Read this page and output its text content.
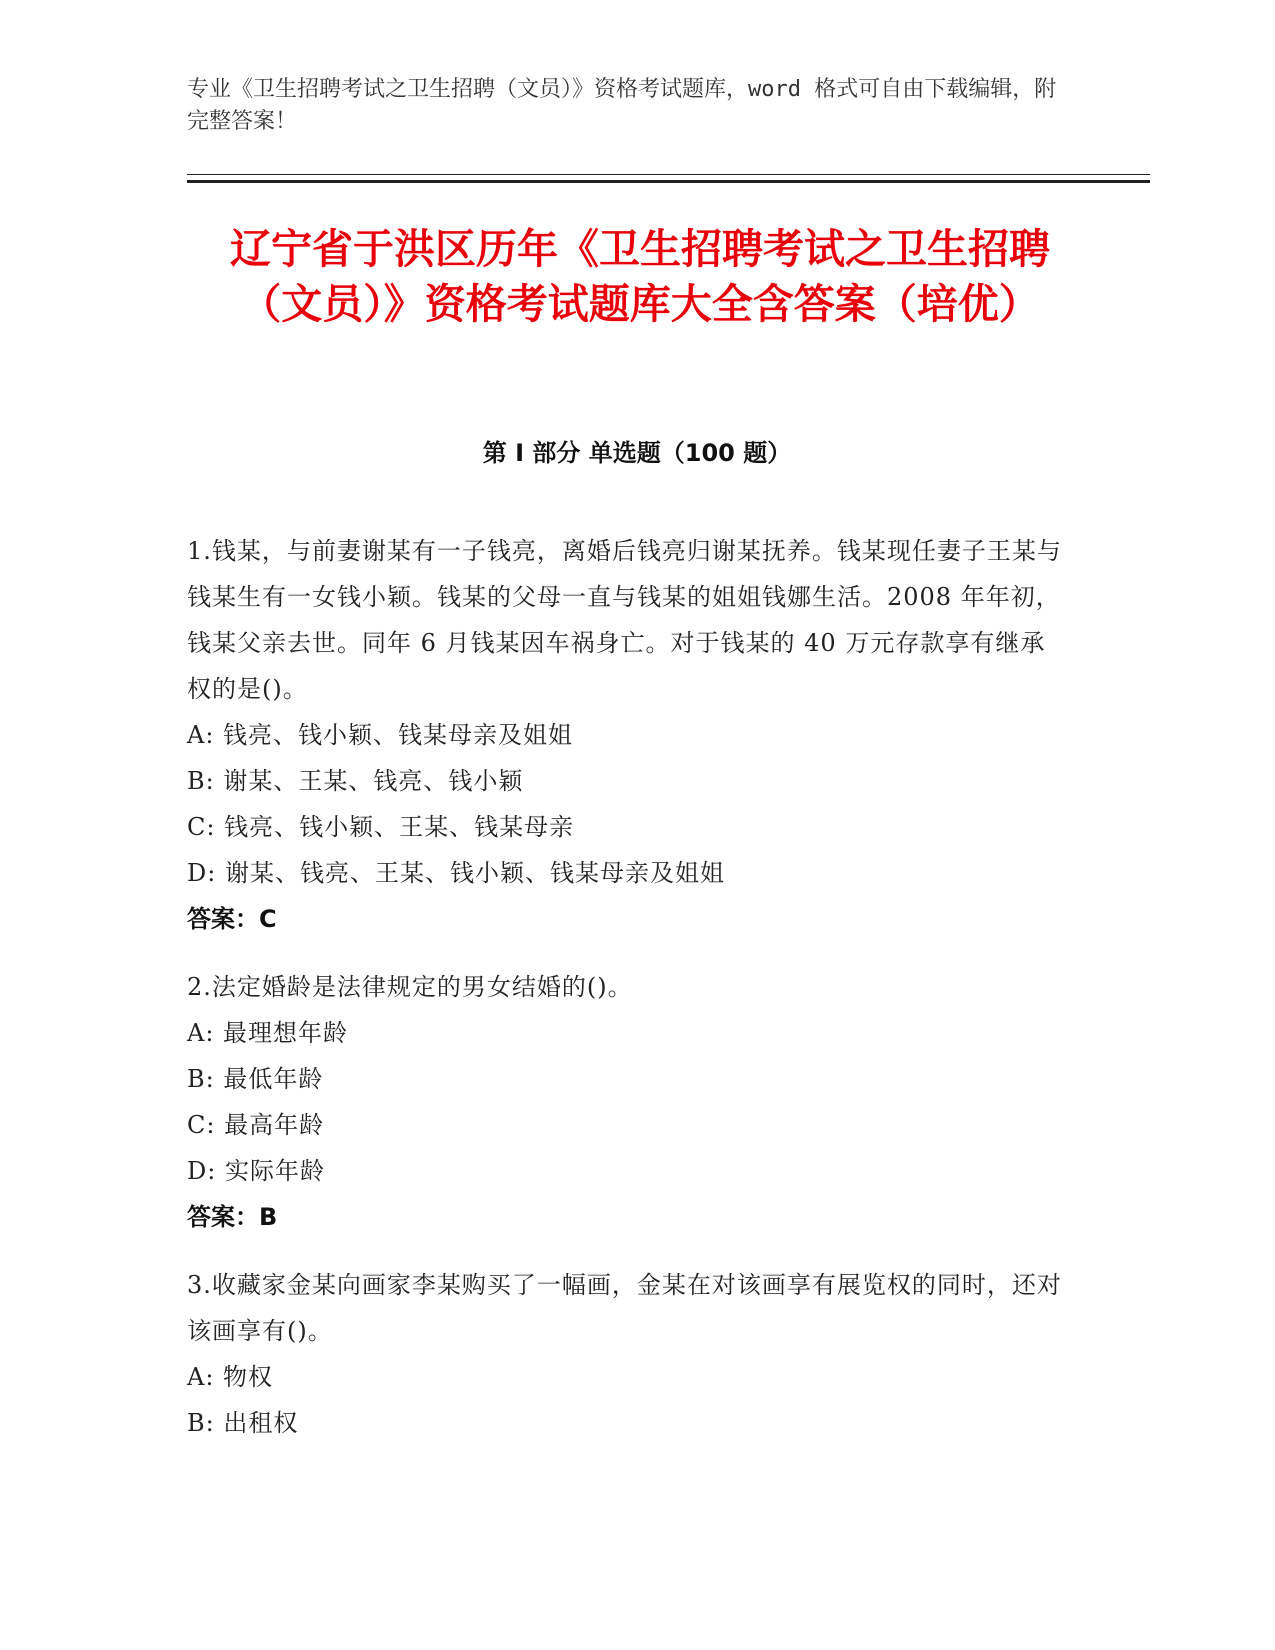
专业《卫生招聘考试之卫生招聘（文员）》资格考试题库，word 格式可自由下载编辑，附完整答案！
辽宁省于洪区历年《卫生招聘考试之卫生招聘（文员）》资格考试题库大全含答案（培优）
第 I 部分 单选题（100 题）
1.钱某，与前妻谢某有一子钱亮，离婚后钱亮归谢某抚养。钱某现任妻子王某与钱某生有一女钱小颖。钱某的父母一直与钱某的姐姐钱娜生活。2008 年年初，钱某父亲去世。同年 6 月钱某因车祸身亡。对于钱某的 40 万元存款享有继承权的是()。
A: 钱亮、钱小颖、钱某母亲及姐姐
B: 谢某、王某、钱亮、钱小颖
C: 钱亮、钱小颖、王某、钱某母亲
D: 谢某、钱亮、王某、钱小颖、钱某母亲及姐姐
答案：C
2.法定婚龄是法律规定的男女结婚的()。
A: 最理想年龄
B: 最低年龄
C: 最高年龄
D: 实际年龄
答案：B
3.收藏家金某向画家李某购买了一幅画，金某在对该画享有展览权的同时，还对该画享有()。
A: 物权
B: 出租权
